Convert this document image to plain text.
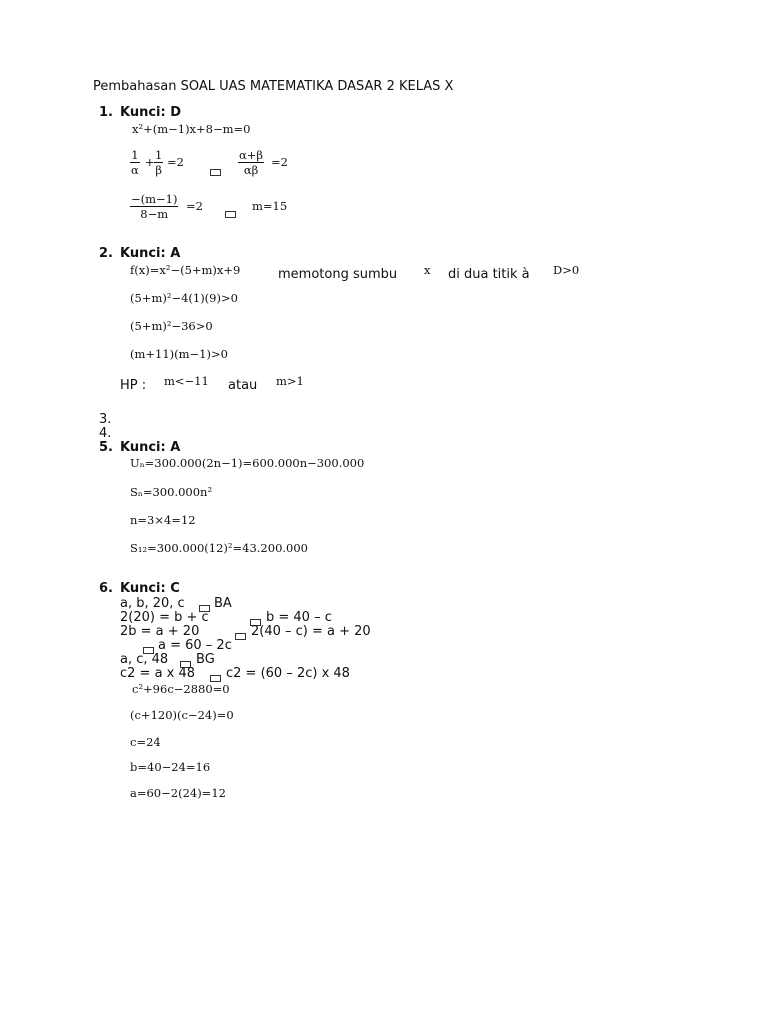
Pembahasan SOAL UAS MATEMATIKA DASAR 2 KELAS X
1. Kunci: D
x²+(m−1)x+8−m=0
$\frac{1}{\alpha} + \frac{1}{\beta} =2$	$\frac{\alpha+\beta}{\alpha\beta} =2$
$\frac{-(m-1)}{8-m} =2$	m=15
2. Kunci: A
f(x)=x²−(5+m)x+9	memotong sumbu x di dua titik à D>0
(5+m)²−4(1)(9)>0
(5+m)²−36>0
(m+11)(m−1)>0
HP : m<−11 atau m>1
3.
4.
5. Kunci: A
Uₙ=300.000(2n−1)=600.000n−300.000
Sₙ=300.000n²
n=3×4=12
S₁₂=300.000(12)²=43.200.000
6. Kunci: C
a, b, 20, c BA
2(20) = b + c	b = 40 – c
2b = a + 20	2(40 – c) = a + 20
a = 60 – 2c
a, c, 48 BG
c2 = a x 48 c2 = (60 – 2c) x 48
c²+96c−2880=0
(c+120)(c−24)=0
c=24
b=40−24=16
a=60−2(24)=12
